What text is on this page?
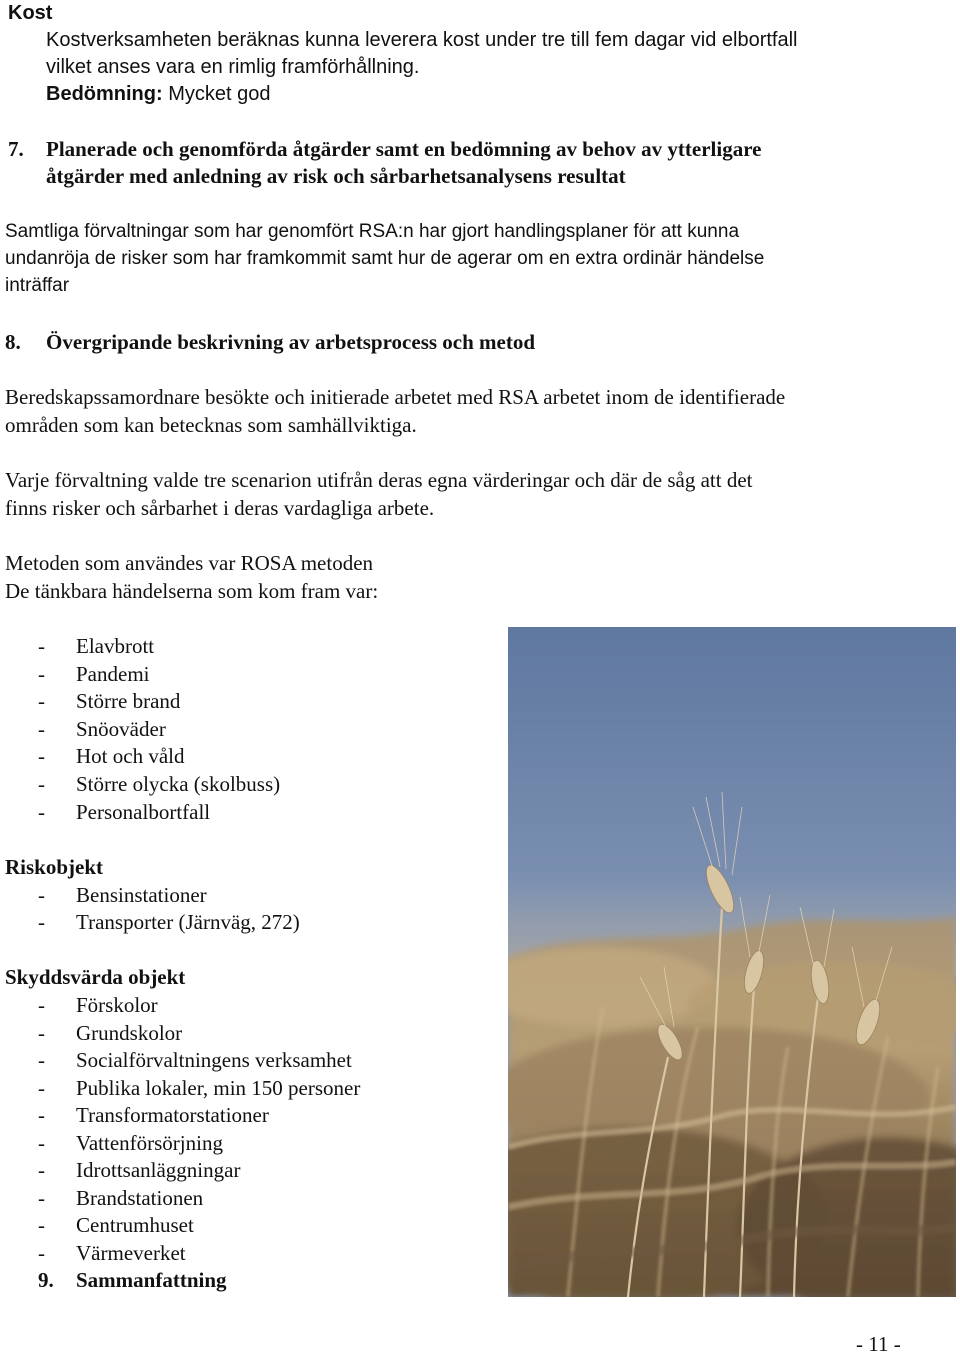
Kost
Kostverksamheten beräknas kunna leverera kost under tre till fem dagar vid elbortfall
vilket anses vara en rimlig framförhållning.
Bedömning: Mycket god
7. Planerade och genomförda åtgärder samt en bedömning av behov av ytterligare
åtgärder med anledning av risk och sårbarhetsanalysens resultat
Samtliga förvaltningar som har genomfört RSA:n har gjort handlingsplaner för att kunna
undanröja de risker som har framkommit samt hur de agerar om en extra ordinär händelse
inträffar
8. Övergripande beskrivning av arbetsprocess och metod
Beredskapssamordnare besökte och initierade arbetet med RSA arbetet inom de identifierade
områden som kan betecknas som samhällviktiga.
Varje förvaltning valde tre scenarion utifrån deras egna värderingar och där de såg att det
finns risker och sårbarhet i deras vardagliga arbete.
Metoden som användes var ROSA metoden
De tänkbara händelserna som kom fram var:
- Elavbrott
- Pandemi
- Större brand
- Snöoväder
- Hot och våld
- Större olycka (skolbuss)
- Personalbortfall
Riskobjekt
- Bensinstationer
- Transporter (Järnväg, 272)
Skyddsvärda objekt
- Förskolor
- Grundskolor
- Socialförvaltningens verksamhet
- Publika lokaler, min 150 personer
- Transformatorstationer
- Vattenförsörjning
- Idrottsanläggningar
- Brandstationen
- Centrumhuset
- Värmeverket
9. Sammanfattning
- 11 -
